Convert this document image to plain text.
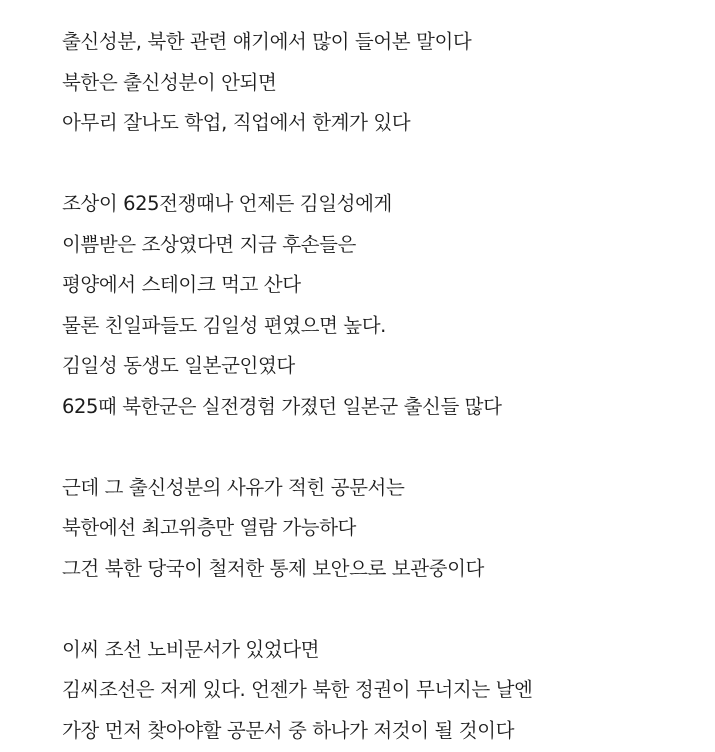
출신성분, 북한 관련 얘기에서 많이 들어본 말이다
북한은 출신성분이 안되면
아무리 잘나도 학업, 직업에서 한계가 있다
조상이 625전쟁때나 언제든 김일성에게
이쁨받은 조상였다면 지금 후손들은
평양에서 스테이크 먹고 산다
물론 친일파들도 김일성 편였으면 높다.
김일성 동생도 일본군인였다
625때 북한군은 실전경험 가졌던 일본군 출신들 많다
근데 그 출신성분의 사유가 적힌 공문서는
북한에선 최고위층만 열람 가능하다
그건 북한 당국이 철저한 통제 보안으로 보관중이다
이씨 조선 노비문서가 있었다면
김씨조선은 저게 있다. 언젠가 북한 정권이 무너지는 날엔
가장 먼저 찾아야할 공문서 중 하나가 저것이 될 것이다
